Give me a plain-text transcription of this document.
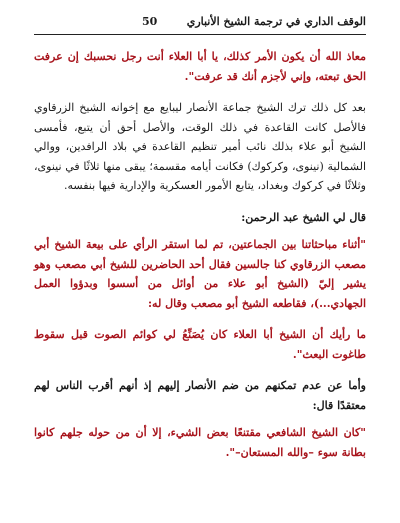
الوقف الداري في ترجمة الشيخ الأنباري
50

معاذ الله أن يكون الأمر كذلك، يا أبا العلاء أنت رجل نحسبك إن عرفت الحق تبعته، وإني لأجزم أنك قد عرفت".

بعد كل ذلك ترك الشيخ جماعة الأنصار ليبايع مع إخوانه الشيخ الزرقاوي فالأصل كانت القاعدة في ذلك الوقت، والأصل أحق أن يتبع، فأمسى الشيخ أبو علاء بذلك نائب أمير تنظيم القاعدة في بلاد الرافدين، ووالي الشمالية (نينوى، وكركوك) فكانت أيامه مقسمة؛ يبقى منها ثلاثًا في نينوى، وثلاثًا في كركوك وبغداد، يتابع الأمور العسكرية والإدارية فيها بنفسه.

قال لي الشيخ عبد الرحمن:

"أثناء مباحثاتنا بين الجماعتين، تم لما استقر الرأي على بيعة الشيخ أبي مصعب الزرقاوي كنا جالسين فقال أحد الحاضرين للشيخ أبي مصعب وهو يشير إليّ (الشيخ أبو علاء من أوائل من أسسوا وبدؤوا العمل الجهادي...)، فقاطعه الشيخ أبو مصعب وقال له:

ما رأيك أن الشيخ أبا العلاء كان يُصَنِّعُ لي كوائم الصوت قبل سقوط طاغوت البعث".

وأما عن عدم تمكنهم من ضم الأنصار إليهم إذ أنهم أقرب الناس لهم معتقدًا قال:

"كان الشيخ الشافعي مقتنعًا بعض الشيء، إلا أن من حوله جلهم كانوا بطانة سوء –والله المستعان–".
